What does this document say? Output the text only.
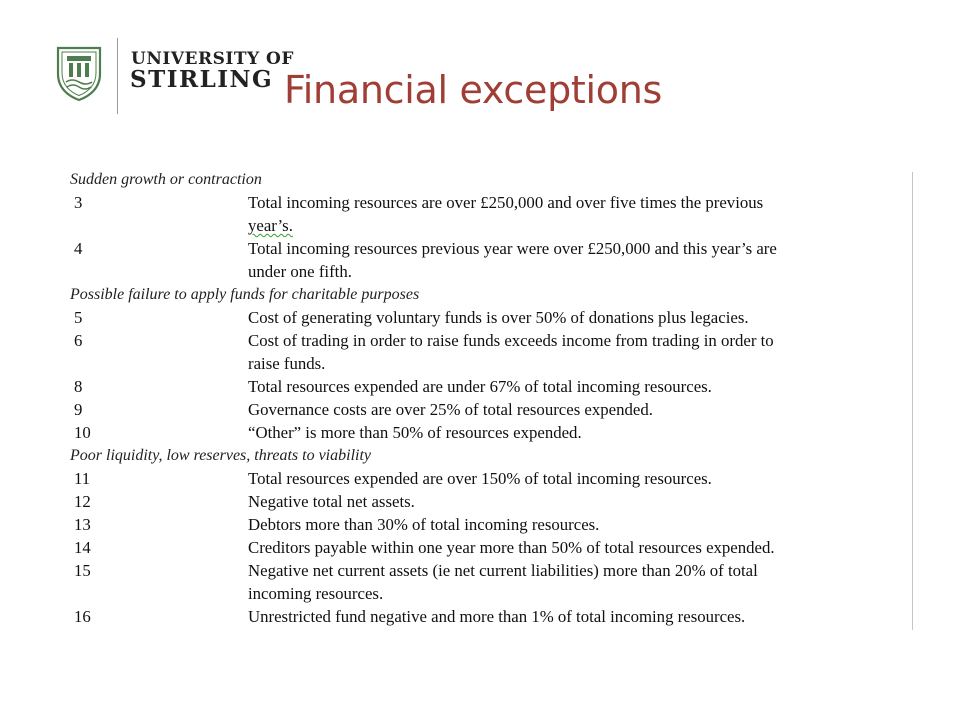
UNIVERSITY OF
STIRLING Financial exceptions
Sudden growth or contraction
3	Total incoming resources are over £250,000 and over five times the previous
year’s.
4	Total incoming resources previous year were over £250,000 and this year’s are
under one fifth.
Possible failure to apply funds for charitable purposes
5	Cost of generating voluntary funds is over 50% of donations plus legacies.
6	Cost of trading in order to raise funds exceeds income from trading in order to
raise funds.
8	Total resources expended are under 67% of total incoming resources.
9	Governance costs are over 25% of total resources expended.
10	“Other” is more than 50% of resources expended.
Poor liquidity, low reserves, threats to viability
11	Total resources expended are over 150% of total incoming resources.
12	Negative total net assets.
13	Debtors more than 30% of total incoming resources.
14	Creditors payable within one year more than 50% of total resources expended.
15	Negative net current assets (ie net current liabilities) more than 20% of total
incoming resources.
16	Unrestricted fund negative and more than 1% of total incoming resources.
